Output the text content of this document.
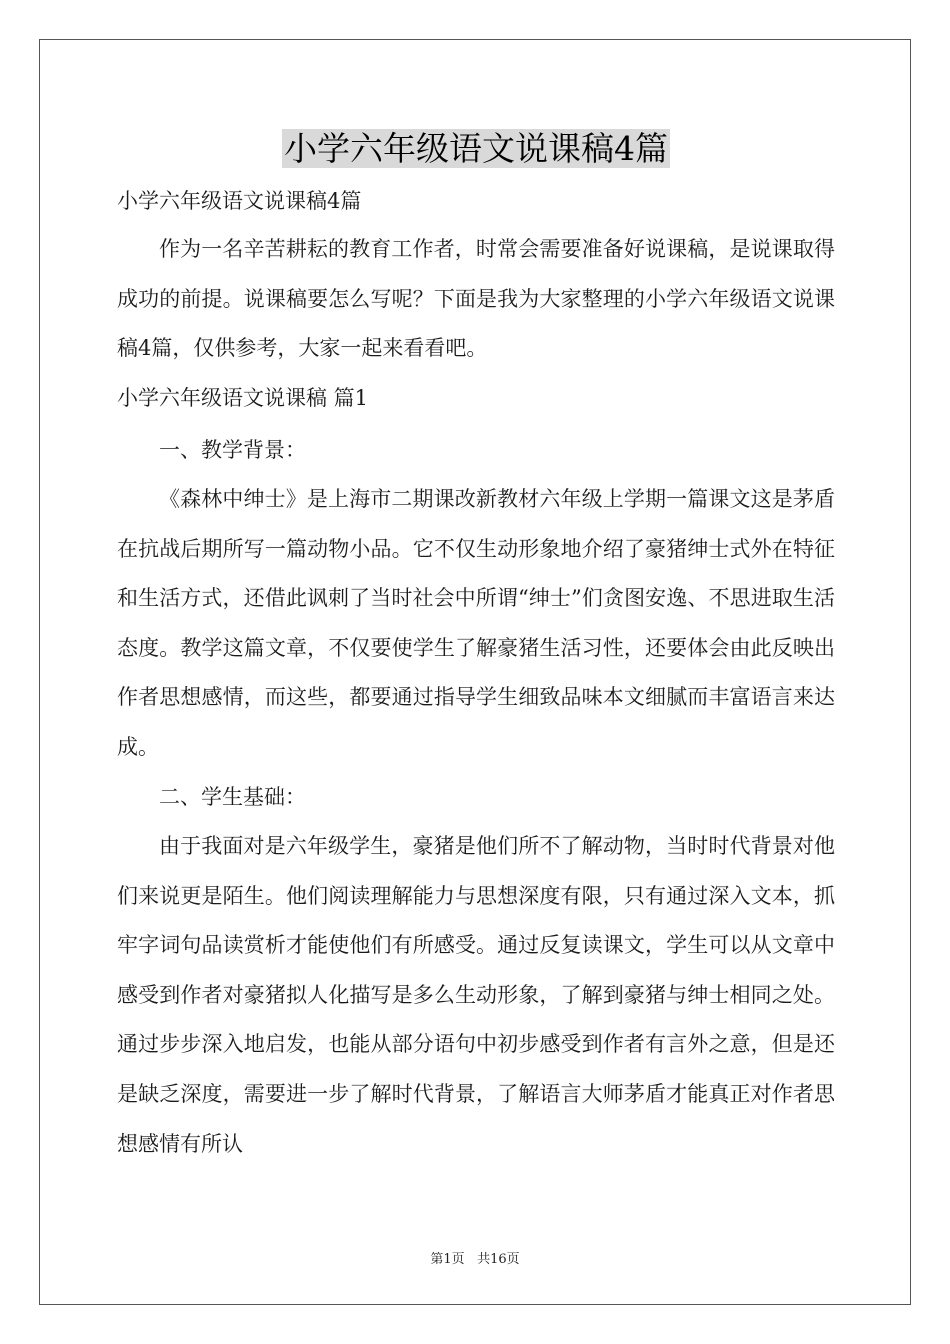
小学六年级语文说课稿4篇
小学六年级语文说课稿4篇
作为一名辛苦耕耘的教育工作者，时常会需要准备好说课稿，是说课取得成功的前提。说课稿要怎么写呢？下面是我为大家整理的小学六年级语文说课稿4篇，仅供参考，大家一起来看看吧。
小学六年级语文说课稿 篇1
一、教学背景：
《森林中绅士》是上海市二期课改新教材六年级上学期一篇课文这是茅盾在抗战后期所写一篇动物小品。它不仅生动形象地介绍了豪猪绅士式外在特征和生活方式，还借此讽刺了当时社会中所谓“绅士”们贪图安逸、不思进取生活态度。教学这篇文章，不仅要使学生了解豪猪生活习性，还要体会由此反映出作者思想感情，而这些，都要通过指导学生细致品味本文细腻而丰富语言来达成。
二、学生基础：
由于我面对是六年级学生，豪猪是他们所不了解动物，当时时代背景对他们来说更是陌生。他们阅读理解能力与思想深度有限，只有通过深入文本，抓牢字词句品读赏析才能使他们有所感受。通过反复读课文，学生可以从文章中感受到作者对豪猪拟人化描写是多么生动形象，了解到豪猪与绅士相同之处。通过步步深入地启发，也能从部分语句中初步感受到作者有言外之意，但是还是缺乏深度，需要进一步了解时代背景，了解语言大师茅盾才能真正对作者思想感情有所认
第1页 共16页
